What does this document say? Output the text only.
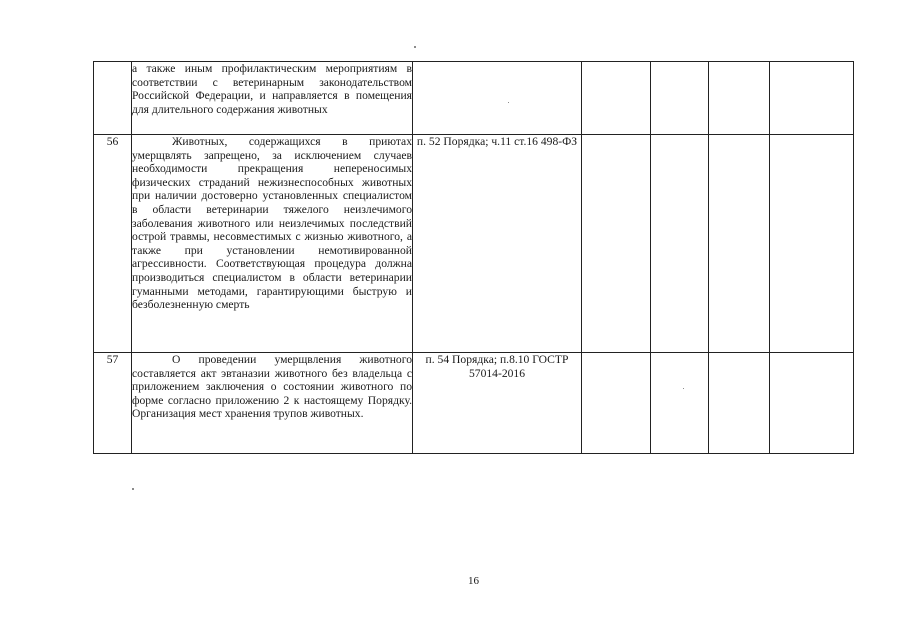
	а также иным профилактическим мероприятиям в соответствии с ветеринарным законодательством Российской Федерации, и направляется в помещения для длительного содержания животных					

56	Животных, содержащихся в приютах умерщвлять запрещено, за исключением случаев необходимости прекращения непереносимых физических страданий нежизнеспособных животных при наличии достоверно установленных специалистом в области ветеринарии тяжелого неизлечимого заболевания животного или неизлечимых последствий острой травмы, несовместимых с жизнью животного, а также при установлении немотивированной агрессивности. Соответствующая процедура должна производиться специалистом в области ветеринарии гуманными методами, гарантирующими быструю и безболезненную смерть	п. 52 Порядка; ч.11 ст.16 498-ФЗ				
57	О проведении умерщвления животного составляется акт эвтаназии животного без владельца с приложением заключения о состоянии животного по форме согласно приложению 2 к настоящему Порядку. Организация мест хранения трупов животных.	п. 54 Порядка; п.8.10 ГОСТР 57014-2016				
16
